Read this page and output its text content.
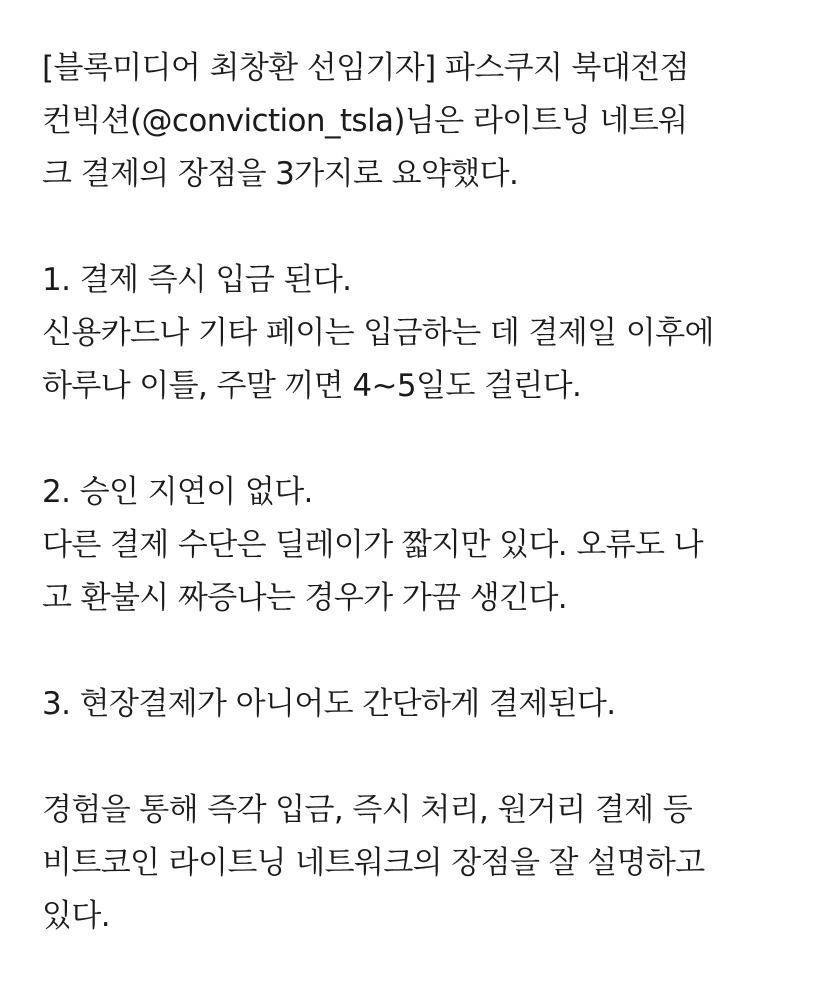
[블록미디어 최창환 선임기자] 파스쿠지 북대전점
컨빅션(@conviction_tsla)님은 라이트닝 네트워
크 결제의 장점을 3가지로 요약했다.
1. 결제 즉시 입금 된다.
신용카드나 기타 페이는 입금하는 데 결제일 이후에
하루나 이틀, 주말 끼면 4~5일도 걸린다.
2. 승인 지연이 없다.
다른 결제 수단은 딜레이가 짧지만 있다. 오류도 나
고 환불시 짜증나는 경우가 가끔 생긴다.
3. 현장결제가 아니어도 간단하게 결제된다.
경험을 통해 즉각 입금, 즉시 처리, 원거리 결제 등
비트코인 라이트닝 네트워크의 장점을 잘 설명하고
있다.
